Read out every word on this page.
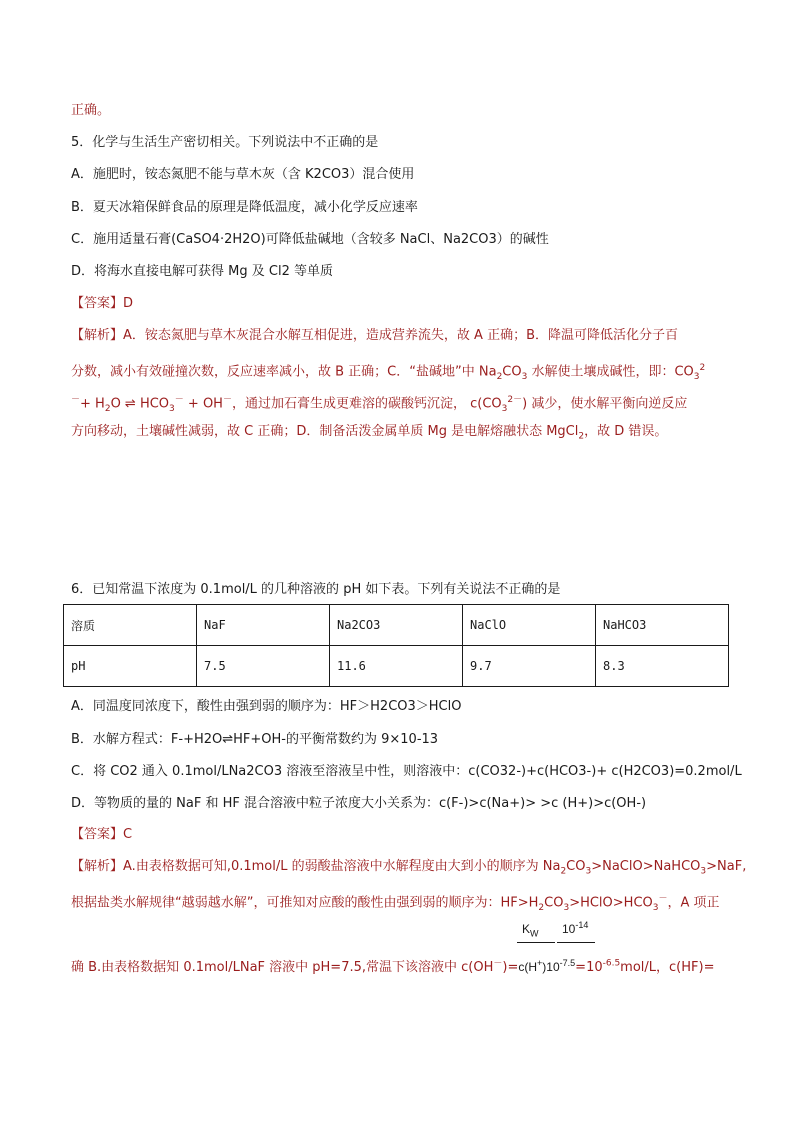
正确。
5．化学与生活生产密切相关。下列说法中不正确的是
A．施肥时，铵态氮肥不能与草木灰（含 K2CO3）混合使用
B．夏天冰箱保鲜食品的原理是降低温度，减小化学反应速率
C．施用适量石膏(CaSO4·2H2O)可降低盐碱地（含较多 NaCl、Na2CO3）的碱性
D．将海水直接电解可获得 Mg 及 Cl2 等单质
【答案】D
【解析】A．铵态氮肥与草木灰混合水解互相促进，造成营养流失，故 A 正确；B．降温可降低活化分子百
分数，减小有效碰撞次数，反应速率减小，故 B 正确；C．“盐碱地”中 $Na_2CO_3$ 水解使土壤成碱性，即：$CO_3^2$
$^-+ H_2O$ ⇌ $HCO_3^- + OH^-$，通过加石膏生成更难溶的碳酸钙沉淀， $c(CO_3^{2-})$ 减少，使水解平衡向逆反应
方向移动，土壤碱性减弱，故 C 正确；D．制备活泼金属单质 Mg 是电解熔融状态 MgCl$_2$，故 D 错误。
6．已知常温下浓度为 0.1mol/L 的几种溶液的 pH 如下表。下列有关说法不正确的是
溶质	NaF	Na2CO3	NaClO	NaHCO3
pH	7.5	11.6	9.7	8.3
A．同温度同浓度下，酸性由强到弱的顺序为：HF＞H2CO3＞HClO
B．水解方程式：F-+H2O⇌HF+OH-的平衡常数约为 9×10-13
C．将 CO2 通入 0.1mol/LNa2CO3 溶液至溶液呈中性，则溶液中：c(CO32-)+c(HCO3-)+ c(H2CO3)=0.2mol/L
D．等物质的量的 NaF 和 HF 混合溶液中粒子浓度大小关系为：c(F-)>c(Na+)> >c (H+)>c(OH-)
【答案】C
【解析】A.由表格数据可知,0.1mol/L 的弱酸盐溶液中水解程度由大到小的顺序为 $Na_2CO_3>NaClO>NaHCO_3>NaF$,
根据盐类水解规律“越弱越水解”，可推知对应酸的酸性由强到弱的顺序为：$HF>H_2CO_3>HClO>HCO_3^-$，A 项正
$K_W$ $10^{-14}$
确 B.由表格数据知 0.1mol/LNaF 溶液中 pH=7.5,常温下该溶液中 $c(OH^-)=c(H^+)10^{-7.5}=10^{-6.5}mol/L$，c(HF)=
